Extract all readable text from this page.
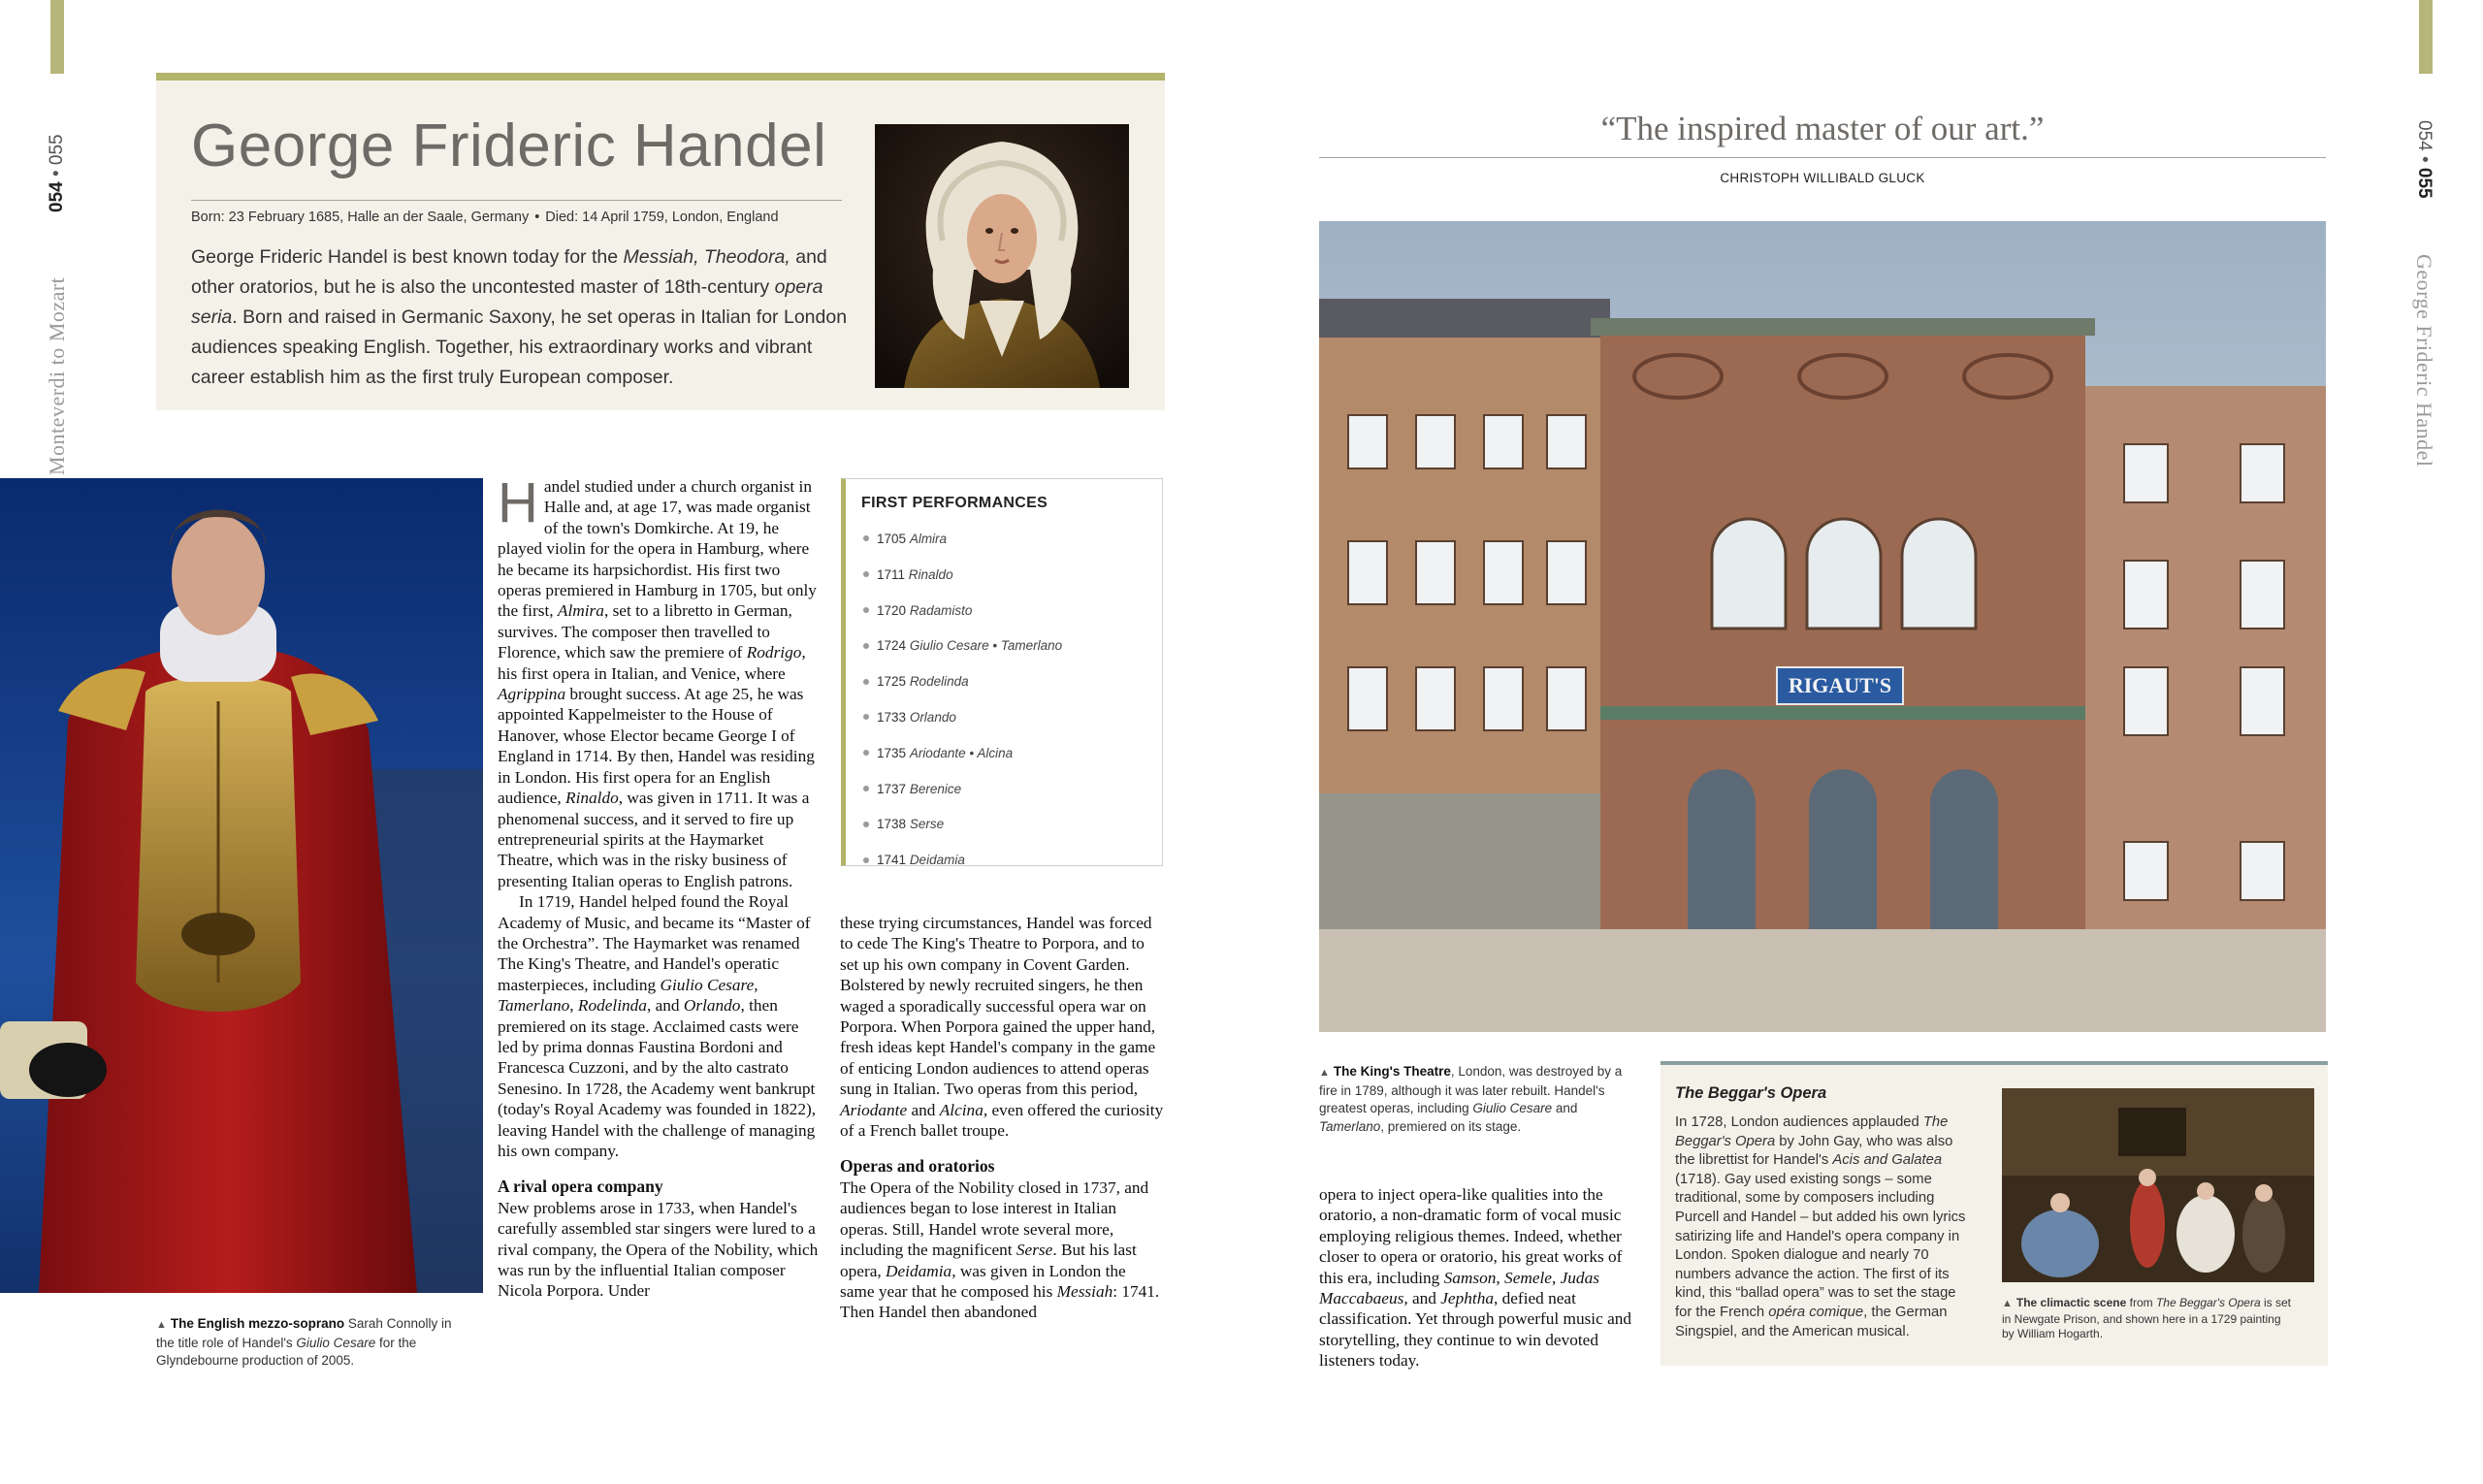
054 • 055
Monteverdi to Mozart
George Frideric Handel
Born: 23 February 1685, Halle an der Saale, Germany • Died: 14 April 1759, London, England
George Frideric Handel is best known today for the Messiah, Theodora, and other oratorios, but he is also the uncontested master of 18th-century opera seria. Born and raised in Germanic Saxony, he set operas in Italian for London audiences speaking English. Together, his extraordinary works and vibrant career establish him as the first truly European composer.
▲ The English mezzo-soprano Sarah Connolly in the title role of Handel's Giulio Cesare for the Glyndebourne production of 2005.

Handel studied under a church organist in Halle and, at age 17, was made organist of the town's Domkirche. At 19, he played violin for the opera in Hamburg, where he became its harpsichordist. His first two operas premiered in Hamburg in 1705, but only the first, Almira, set to a libretto in German, survives. The composer then travelled to Florence, which saw the premiere of Rodrigo, his first opera in Italian, and Venice, where Agrippina brought success. At age 25, he was appointed Kappelmeister to the House of Hanover, whose Elector became George I of England in 1714. By then, Handel was residing in London. His first opera for an English audience, Rinaldo, was given in 1711. It was a phenomenal success, and it served to fire up entrepreneurial spirits at the Haymarket Theatre, which was in the risky business of presenting Italian operas to English patrons.

In 1719, Handel helped found the Royal Academy of Music, and became its “Master of the Orchestra”. The Haymarket was renamed The King's Theatre, and Handel's operatic masterpieces, including Giulio Cesare, Tamerlano, Rodelinda, and Orlando, then premiered on its stage. Acclaimed casts were led by prima donnas Faustina Bordoni and Francesca Cuzzoni, and by the alto castrato Senesino. In 1728, the Academy went bankrupt (today's Royal Academy was founded in 1822), leaving Handel with the challenge of managing his own company.

A rival opera company

New problems arose in 1733, when Handel's carefully assembled star singers were lured to a rival company, the Opera of the Nobility, which was run by the influential Italian composer Nicola Porpora. Under

FIRST PERFORMANCES
1705 Almira
1711 Rinaldo
1720 Radamisto
1724 Giulio Cesare • Tamerlano
1725 Rodelinda
1733 Orlando
1735 Ariodante • Alcina
1737 Berenice
1738 Serse
1741 Deidamia

these trying circumstances, Handel was forced to cede The King's Theatre to Porpora, and to set up his own company in Covent Garden. Bolstered by newly recruited singers, he then waged a sporadically successful opera war on Porpora. When Porpora gained the upper hand, fresh ideas kept Handel's company in the game of enticing London audiences to attend operas sung in Italian. Two operas from this period, Ariodante and Alcina, even offered the curiosity of a French ballet troupe.

Operas and oratorios

The Opera of the Nobility closed in 1737, and audiences began to lose interest in Italian operas. Still, Handel wrote several more, including the magnificent Serse. But his last opera, Deidamia, was given in London the same year that he composed his Messiah: 1741. Then Handel then abandoned

054 • 055
George Frideric Handel
“The inspired master of our art.”
CHRISTOPH WILLIBALD GLUCK
RIGAUT'S
▲ The King's Theatre, London, was destroyed by a fire in 1789, although it was later rebuilt. Handel's greatest operas, including Giulio Cesare and Tamerlano, premiered on its stage.

opera to inject opera-like qualities into the oratorio, a non-dramatic form of vocal music employing religious themes. Indeed, whether closer to opera or oratorio, his great works of this era, including Samson, Semele, Judas Maccabaeus, and Jephtha, defied neat classification. Yet through powerful music and storytelling, they continue to win devoted listeners today.

The Beggar's Opera
In 1728, London audiences applauded The Beggar's Opera by John Gay, who was also the librettist for Handel's Acis and Galatea (1718). Gay used existing songs – some traditional, some by composers including Purcell and Handel – but added his own lyrics satirizing life and Handel's opera company in London. Spoken dialogue and nearly 70 numbers advance the action. The first of its kind, this “ballad opera” was to set the stage for the French opéra comique, the German Singspiel, and the American musical.
▲ The climactic scene from The Beggar's Opera is set in Newgate Prison, and shown here in a 1729 painting by William Hogarth.
